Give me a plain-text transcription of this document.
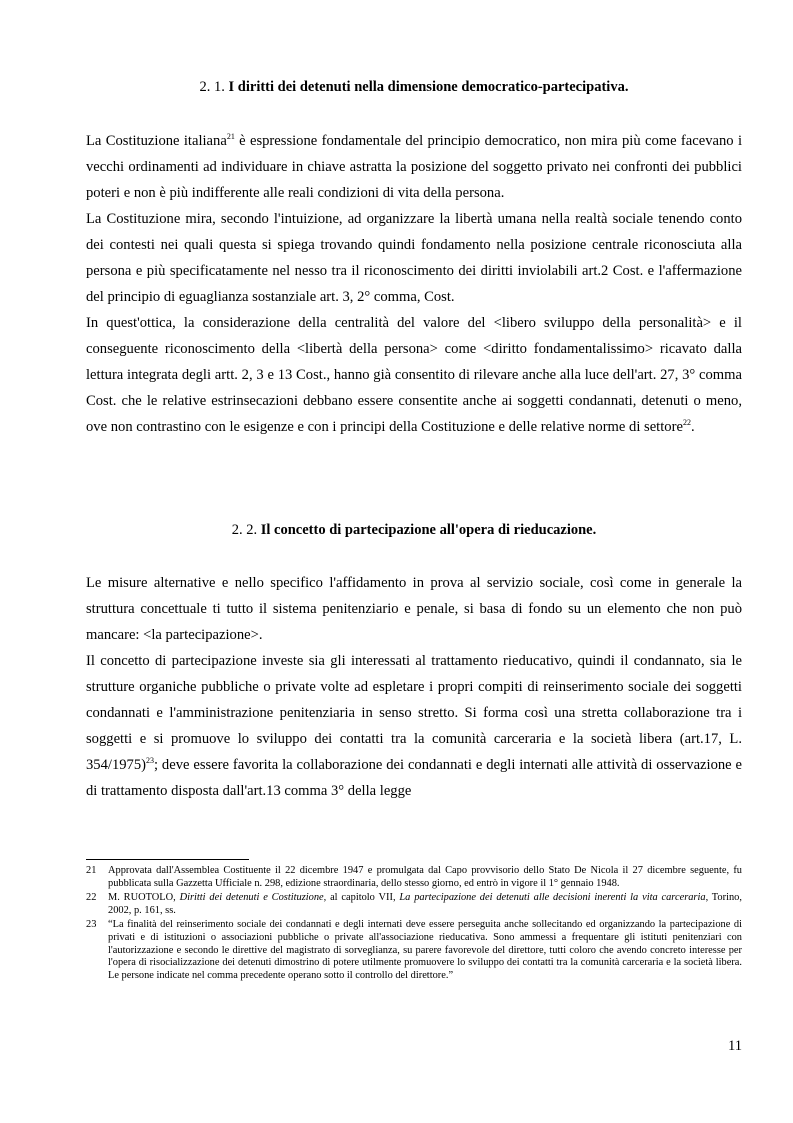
2. 1. I diritti dei detenuti nella dimensione democratico-partecipativa.

La Costituzione italiana$^{21}$ è espressione fondamentale del principio democratico, non mira più come facevano i vecchi ordinamenti ad individuare in chiave astratta la posizione del soggetto privato nei confronti dei pubblici poteri e non è più indifferente alle reali condizioni di vita della persona.

La Costituzione mira, secondo l'intuizione, ad organizzare la libertà umana nella realtà sociale tenendo conto dei contesti nei quali questa si spiega trovando quindi fondamento nella posizione centrale riconosciuta alla persona e più specificatamente nel nesso tra il riconoscimento dei diritti inviolabili art.2 Cost. e l'affermazione del principio di eguaglianza sostanziale art. 3, 2° comma, Cost.

In quest'ottica, la considerazione della centralità del valore del <libero sviluppo della personalità> e il conseguente riconoscimento della <libertà della persona> come <diritto fondamentalissimo> ricavato dalla lettura integrata degli artt. 2, 3 e 13 Cost., hanno già consentito di rilevare anche alla luce dell'art. 27, 3° comma Cost. che le relative estrinsecazioni debbano essere consentite anche ai soggetti condannati, detenuti o meno, ove non contrastino con le esigenze e con i principi della Costituzione e delle relative norme di settore$^{22}$.

2. 2. Il concetto di partecipazione all'opera di rieducazione.

Le misure alternative e nello specifico l'affidamento in prova al servizio sociale, così come in generale la struttura concettuale ti tutto il sistema penitenziario e penale, si basa di fondo su un elemento che non può mancare: <la partecipazione>.

Il concetto di partecipazione investe sia gli interessati al trattamento rieducativo, quindi il condannato, sia le strutture organiche pubbliche o private volte ad espletare i propri compiti di reinserimento sociale dei soggetti condannati e l'amministrazione penitenziaria in senso stretto. Si forma così una stretta collaborazione tra i soggetti e si promuove lo sviluppo dei contatti tra la comunità carceraria e la società libera (art.17, L. 354/1975)$^{23}$; deve essere favorita la collaborazione dei condannati e degli internati alle attività di osservazione e di trattamento disposta dall'art.13 comma 3° della legge

21 Approvata dall'Assemblea Costituente il 22 dicembre 1947 e promulgata dal Capo provvisorio dello Stato De Nicola il 27 dicembre seguente, fu pubblicata sulla Gazzetta Ufficiale n. 298, edizione straordinaria, dello stesso giorno, ed entrò in vigore il 1° gennaio 1948.
22 M. RUOTOLO, Diritti dei detenuti e Costituzione, al capitolo VII, La partecipazione dei detenuti alle decisioni inerenti la vita carceraria, Torino, 2002, p. 161, ss.
23 “La finalità del reinserimento sociale dei condannati e degli internati deve essere perseguita anche sollecitando ed organizzando la partecipazione di privati e di istituzioni o associazioni pubbliche o private all'associazione rieducativa. Sono ammessi a frequentare gli istituti penitenziari con l'autorizzazione e secondo le direttive del magistrato di sorveglianza, su parere favorevole del direttore, tutti coloro che avendo concreto interesse per l'opera di risocializzazione dei detenuti dimostrino di potere utilmente promuovere lo sviluppo dei contatti tra la comunità carceraria e la società libera. Le persone indicate nel comma precedente operano sotto il controllo del direttore.”
11
